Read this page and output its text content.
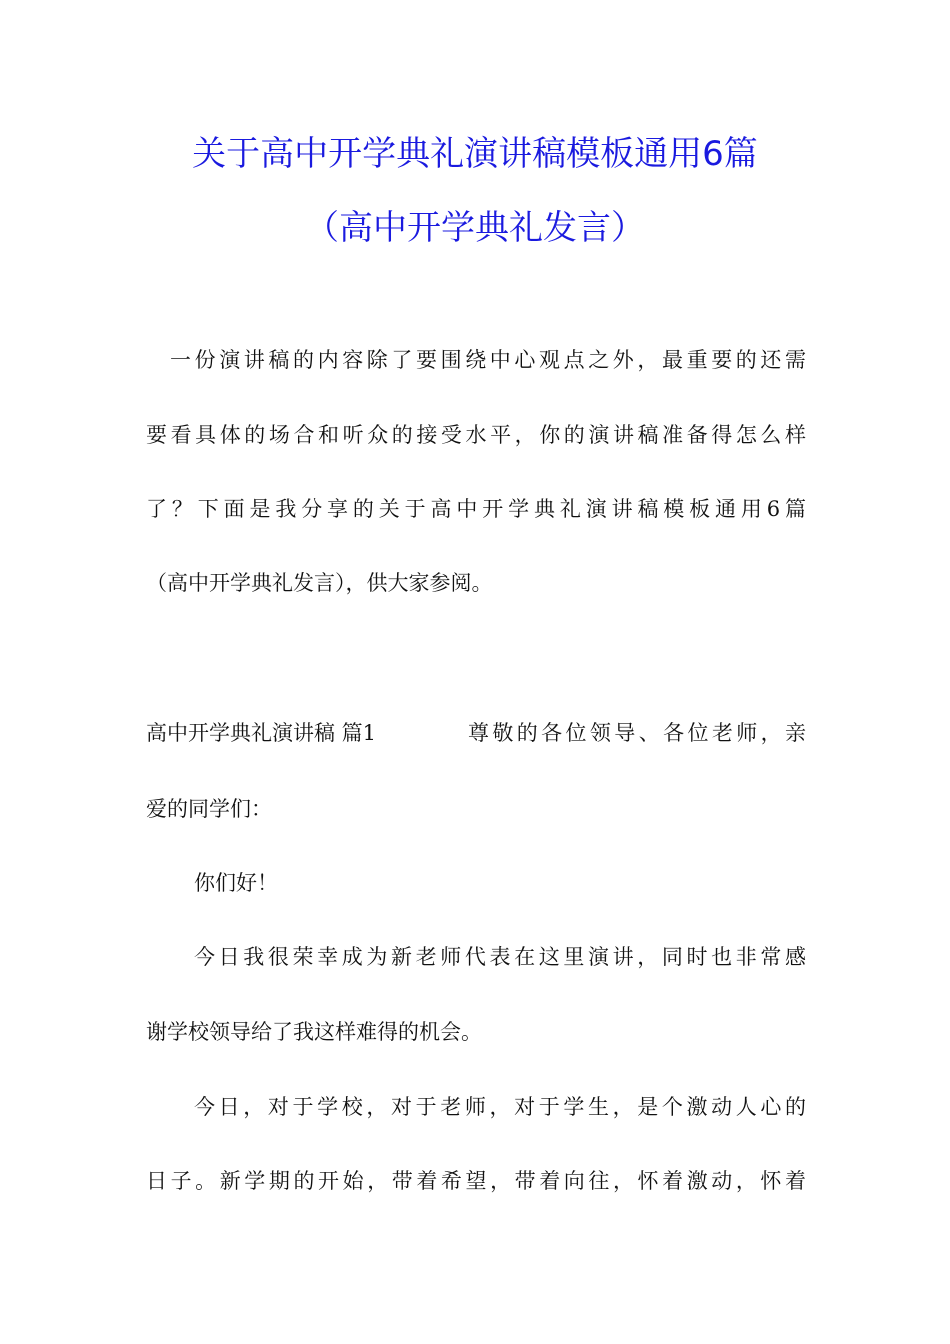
关于高中开学典礼演讲稿模板通用6篇
（高中开学典礼发言）
一份演讲稿的内容除了要围绕中心观点之外，最重要的还需
要看具体的场合和听众的接受水平，你的演讲稿准备得怎么样
了？下面是我分享的关于高中开学典礼演讲稿模板通用6篇
（高中开学典礼发言），供大家参阅。
高中开学典礼演讲稿 篇1	尊敬的各位领导、各位老师，亲
爱的同学们：
你们好！
今日我很荣幸成为新老师代表在这里演讲，同时也非常感
谢学校领导给了我这样难得的机会。
今日，对于学校，对于老师，对于学生，是个激动人心的
日子。新学期的开始，带着希望，带着向往，怀着激动，怀着
